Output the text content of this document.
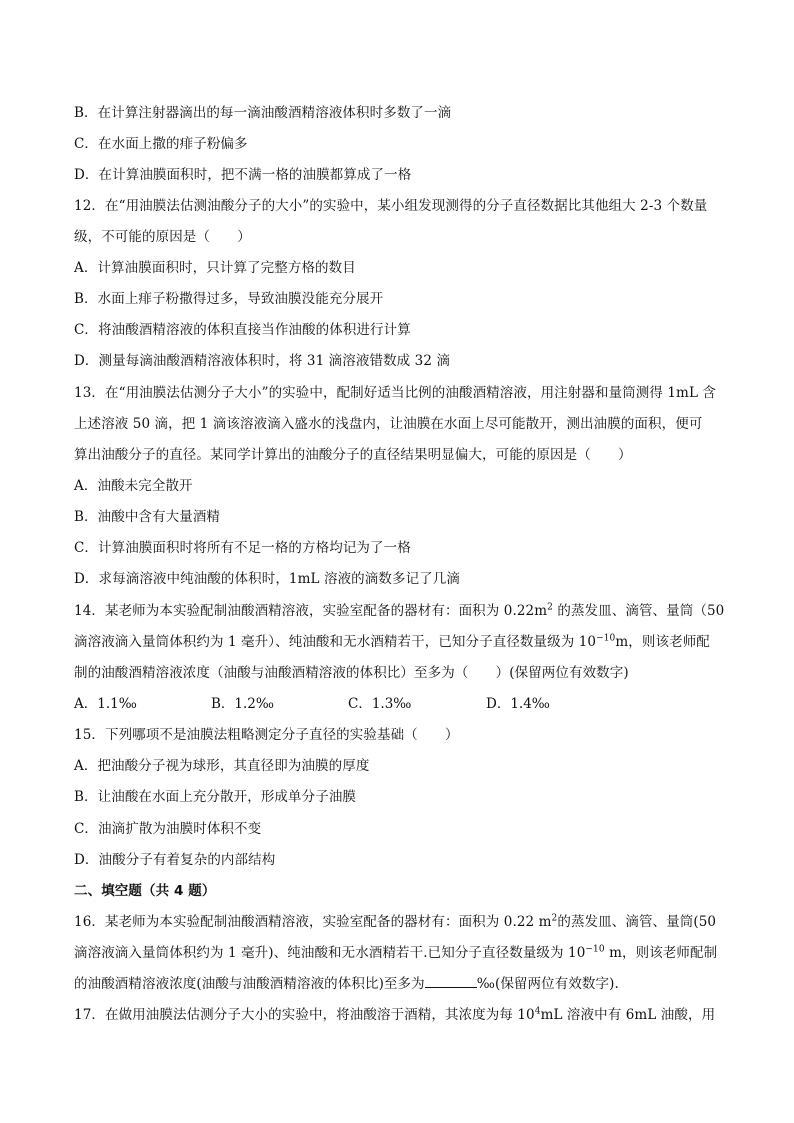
B．在计算注射器滴出的每一滴油酸酒精溶液体积时多数了一滴
C．在水面上撒的痱子粉偏多
D．在计算油膜面积时，把不满一格的油膜都算成了一格
12．在“用油膜法估测油酸分子的大小”的实验中，某小组发现测得的分子直径数据比其他组大 2-3 个数量
级，不可能的原因是（　　）
A．计算油膜面积时，只计算了完整方格的数目
B．水面上痱子粉撒得过多，导致油膜没能充分展开
C．将油酸酒精溶液的体积直接当作油酸的体积进行计算
D．测量每滴油酸酒精溶液体积时，将 31 滴溶液错数成 32 滴
13．在“用油膜法估测分子大小”的实验中，配制好适当比例的油酸酒精溶液，用注射器和量筒测得 1mL 含
上述溶液 50 滴，把 1 滴该溶液滴入盛水的浅盘内，让油膜在水面上尽可能散开，测出油膜的面积，便可
算出油酸分子的直径。某同学计算出的油酸分子的直径结果明显偏大，可能的原因是（　　）
A．油酸未完全散开
B．油酸中含有大量酒精
C．计算油膜面积时将所有不足一格的方格均记为了一格
D．求每滴溶液中纯油酸的体积时，1mL 溶液的滴数多记了几滴
14．某老师为本实验配制油酸酒精溶液，实验室配备的器材有：面积为 $0.22m^2$ 的蒸发皿、滴管、量筒（50
滴溶液滴入量筒体积约为 1 毫升）、纯油酸和无水酒精若干，已知分子直径数量级为 $10^{-10}m$，则该老师配
制的油酸酒精溶液浓度（油酸与油酸酒精溶液的体积比）至多为（　　）(保留两位有效数字)
A．1.1‰	B．1.2‰	C．1.3‰	D．1.4‰
15．下列哪项不是油膜法粗略测定分子直径的实验基础（　　）
A．把油酸分子视为球形，其直径即为油膜的厚度
B．让油酸在水面上充分散开，形成单分子油膜
C．油滴扩散为油膜时体积不变
D．油酸分子有着复杂的内部结构
二、填空题（共 4 题）
16．某老师为本实验配制油酸酒精溶液，实验室配备的器材有：面积为 0.22 $m^2$的蒸发皿、滴管、量筒(50
滴溶液滴入量筒体积约为 1 毫升)、纯油酸和无水酒精若干.已知分子直径数量级为 $10^{-10}$ m，则该老师配制
的油酸酒精溶液浓度(油酸与油酸酒精溶液的体积比)至多为	‰(保留两位有效数字).
17．在做用油膜法估测分子大小的实验中，将油酸溶于酒精，其浓度为每 $10^4mL$ 溶液中有 6mL 油酸，用
